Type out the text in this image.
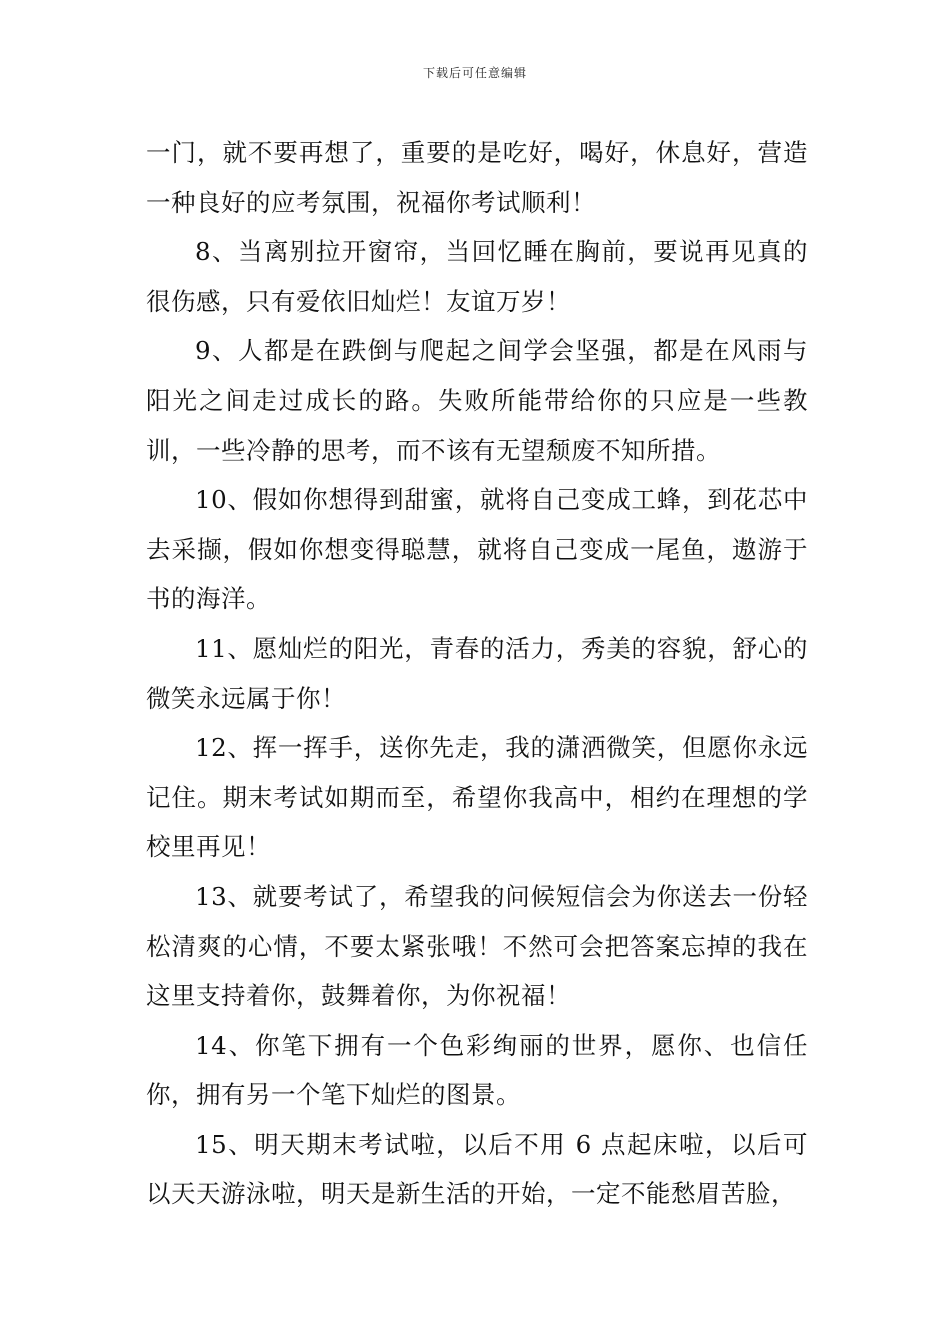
下载后可任意编辑

一门，就不要再想了，重要的是吃好，喝好，休息好，营造一种良好的应考氛围，祝福你考试顺利！

8、当离别拉开窗帘，当回忆睡在胸前，要说再见真的很伤感，只有爱依旧灿烂！友谊万岁！

9、人都是在跌倒与爬起之间学会坚强，都是在风雨与阳光之间走过成长的路。失败所能带给你的只应是一些教训，一些冷静的思考，而不该有无望颓废不知所措。

10、假如你想得到甜蜜，就将自己变成工蜂，到花芯中去采撷，假如你想变得聪慧，就将自己变成一尾鱼，遨游于书的海洋。

11、愿灿烂的阳光，青春的活力，秀美的容貌，舒心的微笑永远属于你！

12、挥一挥手，送你先走，我的潇洒微笑，但愿你永远记住。期末考试如期而至，希望你我高中，相约在理想的学校里再见！

13、就要考试了，希望我的问候短信会为你送去一份轻松清爽的心情，不要太紧张哦！不然可会把答案忘掉的我在这里支持着你，鼓舞着你，为你祝福！

14、你笔下拥有一个色彩绚丽的世界，愿你、也信任你，拥有另一个笔下灿烂的图景。

15、明天期末考试啦，以后不用 6 点起床啦，以后可以天天游泳啦，明天是新生活的开始，一定不能愁眉苦脸，
